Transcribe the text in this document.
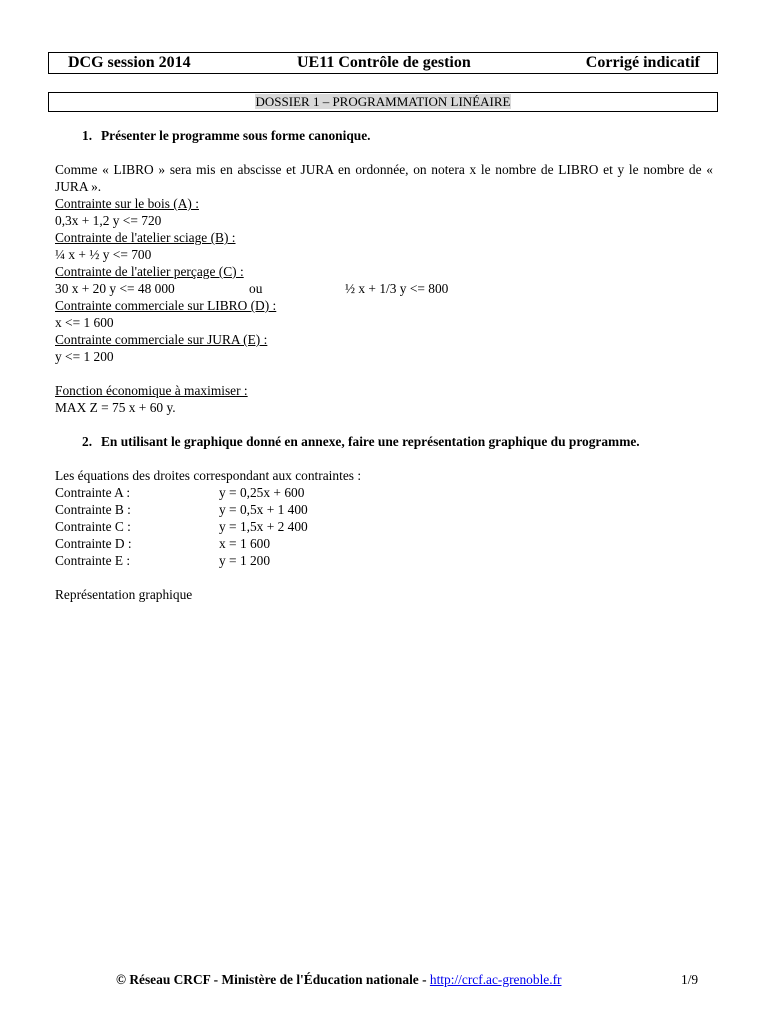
DCG session 2014	UE11 Contrôle de gestion	Corrigé indicatif
DOSSIER 1 – PROGRAMMATION LINÉAIRE

1. Présenter le programme sous forme canonique.

Comme « LIBRO » sera mis en abscisse et JURA en ordonnée, on notera x le nombre de LIBRO et y le nombre de « JURA ».

Contrainte sur le bois (A) :

0,3x + 1,2 y <= 720

Contrainte de l'atelier sciage (B) :

¼ x + ½ y <= 700

Contrainte de l'atelier perçage (C) :

30 x + 20 y <= 48 000	ou	½ x + 1/3 y <= 800

Contrainte commerciale sur LIBRO (D) :

x <= 1 600

Contrainte commerciale sur JURA (E) :

y <= 1 200

Fonction économique à maximiser :

MAX Z = 75 x + 60 y.

2. En utilisant le graphique donné en annexe, faire une représentation graphique du programme.

Les équations des droites correspondant aux contraintes :

Contrainte A :	y = 0,25x + 600

Contrainte B :	y = 0,5x + 1 400

Contrainte C :	y = 1,5x + 2 400

Contrainte D :	x = 1 600

Contrainte E :	y = 1 200

Représentation graphique

© Réseau CRCF - Ministère de l'Éducation nationale - http://crcf.ac-grenoble.fr	1/9
